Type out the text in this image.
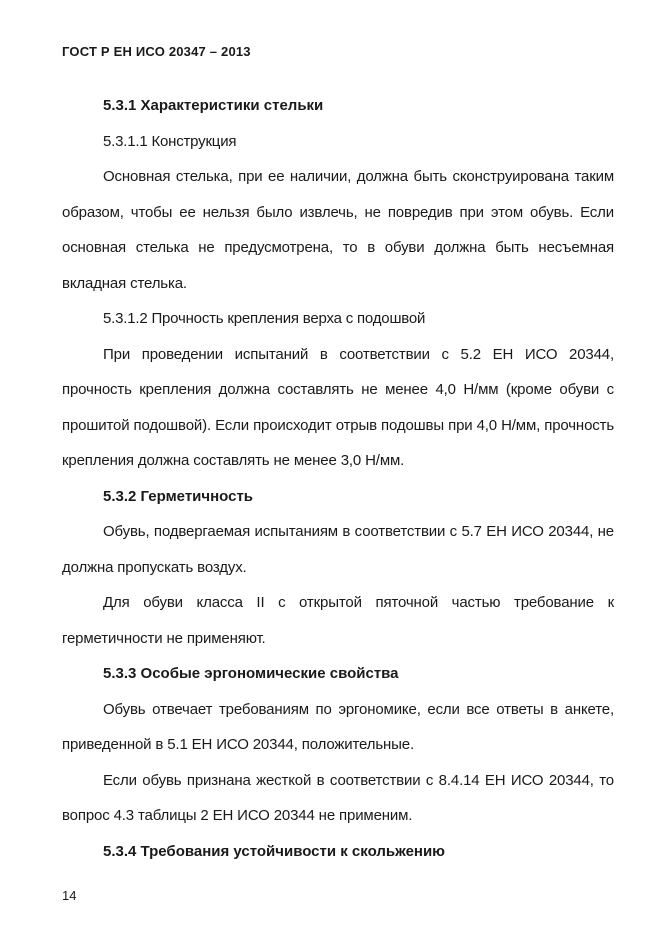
ГОСТ Р ЕН ИСО 20347 – 2013

5.3.1 Характеристики стельки

5.3.1.1 Конструкция

Основная стелька, при ее наличии, должна быть сконструирована таким образом, чтобы ее нельзя было извлечь, не повредив при этом обувь. Если основная стелька не предусмотрена, то в обуви должна быть несъемная вкладная стелька.

5.3.1.2 Прочность крепления верха с подошвой

При проведении испытаний в соответствии с 5.2 ЕН ИСО 20344, прочность крепления должна составлять не менее 4,0 Н/мм (кроме обуви с прошитой подошвой). Если происходит отрыв подошвы при 4,0 Н/мм, прочность крепления должна составлять не менее 3,0 Н/мм.

5.3.2 Герметичность

Обувь, подвергаемая испытаниям в соответствии с 5.7 ЕН ИСО 20344, не должна пропускать воздух.

Для обуви класса II с открытой пяточной частью требование к герметичности не применяют.

5.3.3 Особые эргономические свойства

Обувь отвечает требованиям по эргономике, если все ответы в анкете, приведенной в 5.1 ЕН ИСО 20344, положительные.

Если обувь признана жесткой в соответствии с 8.4.14 ЕН ИСО 20344, то вопрос 4.3 таблицы 2 ЕН ИСО 20344 не применим.

5.3.4 Требования устойчивости к скольжению

14
